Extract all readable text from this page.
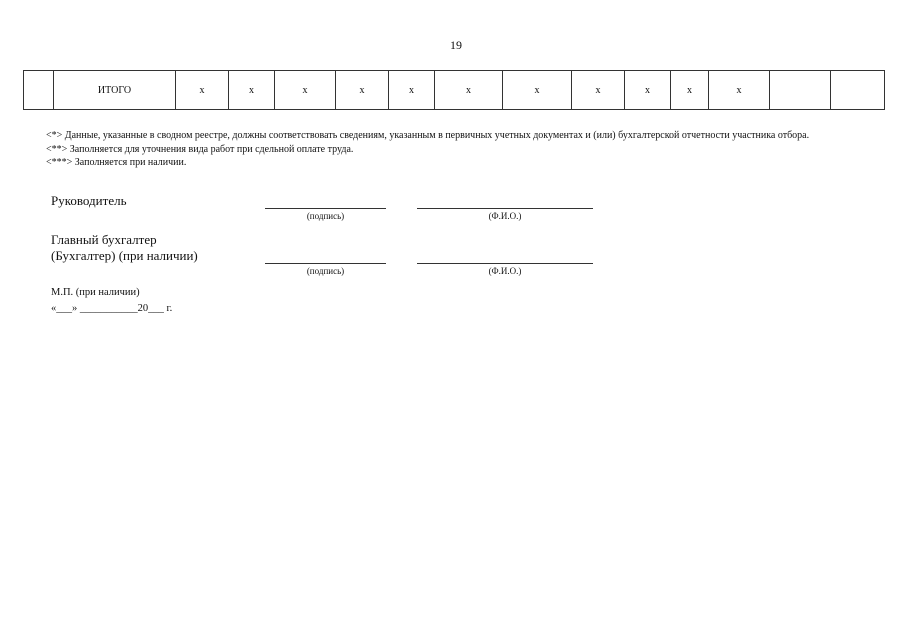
19
	ИТОГО	х	х	х	х	х	х	х	х	х	х	х		

<*> Данные, указанные в сводном реестре, должны соответствовать сведениям, указанным в первичных учетных документах и (или) бухгалтерской отчетности участника отбора.

<**> Заполняется для уточнения вида работ при сдельной оплате труда.

<***> Заполняется при наличии.

Руководитель
(подпись)	(Ф.И.О.)
Главный бухгалтер
(Бухгалтер) (при наличии)
(подпись)	(Ф.И.О.)
М.П. (при наличии)
«___» ___________20___ г.
